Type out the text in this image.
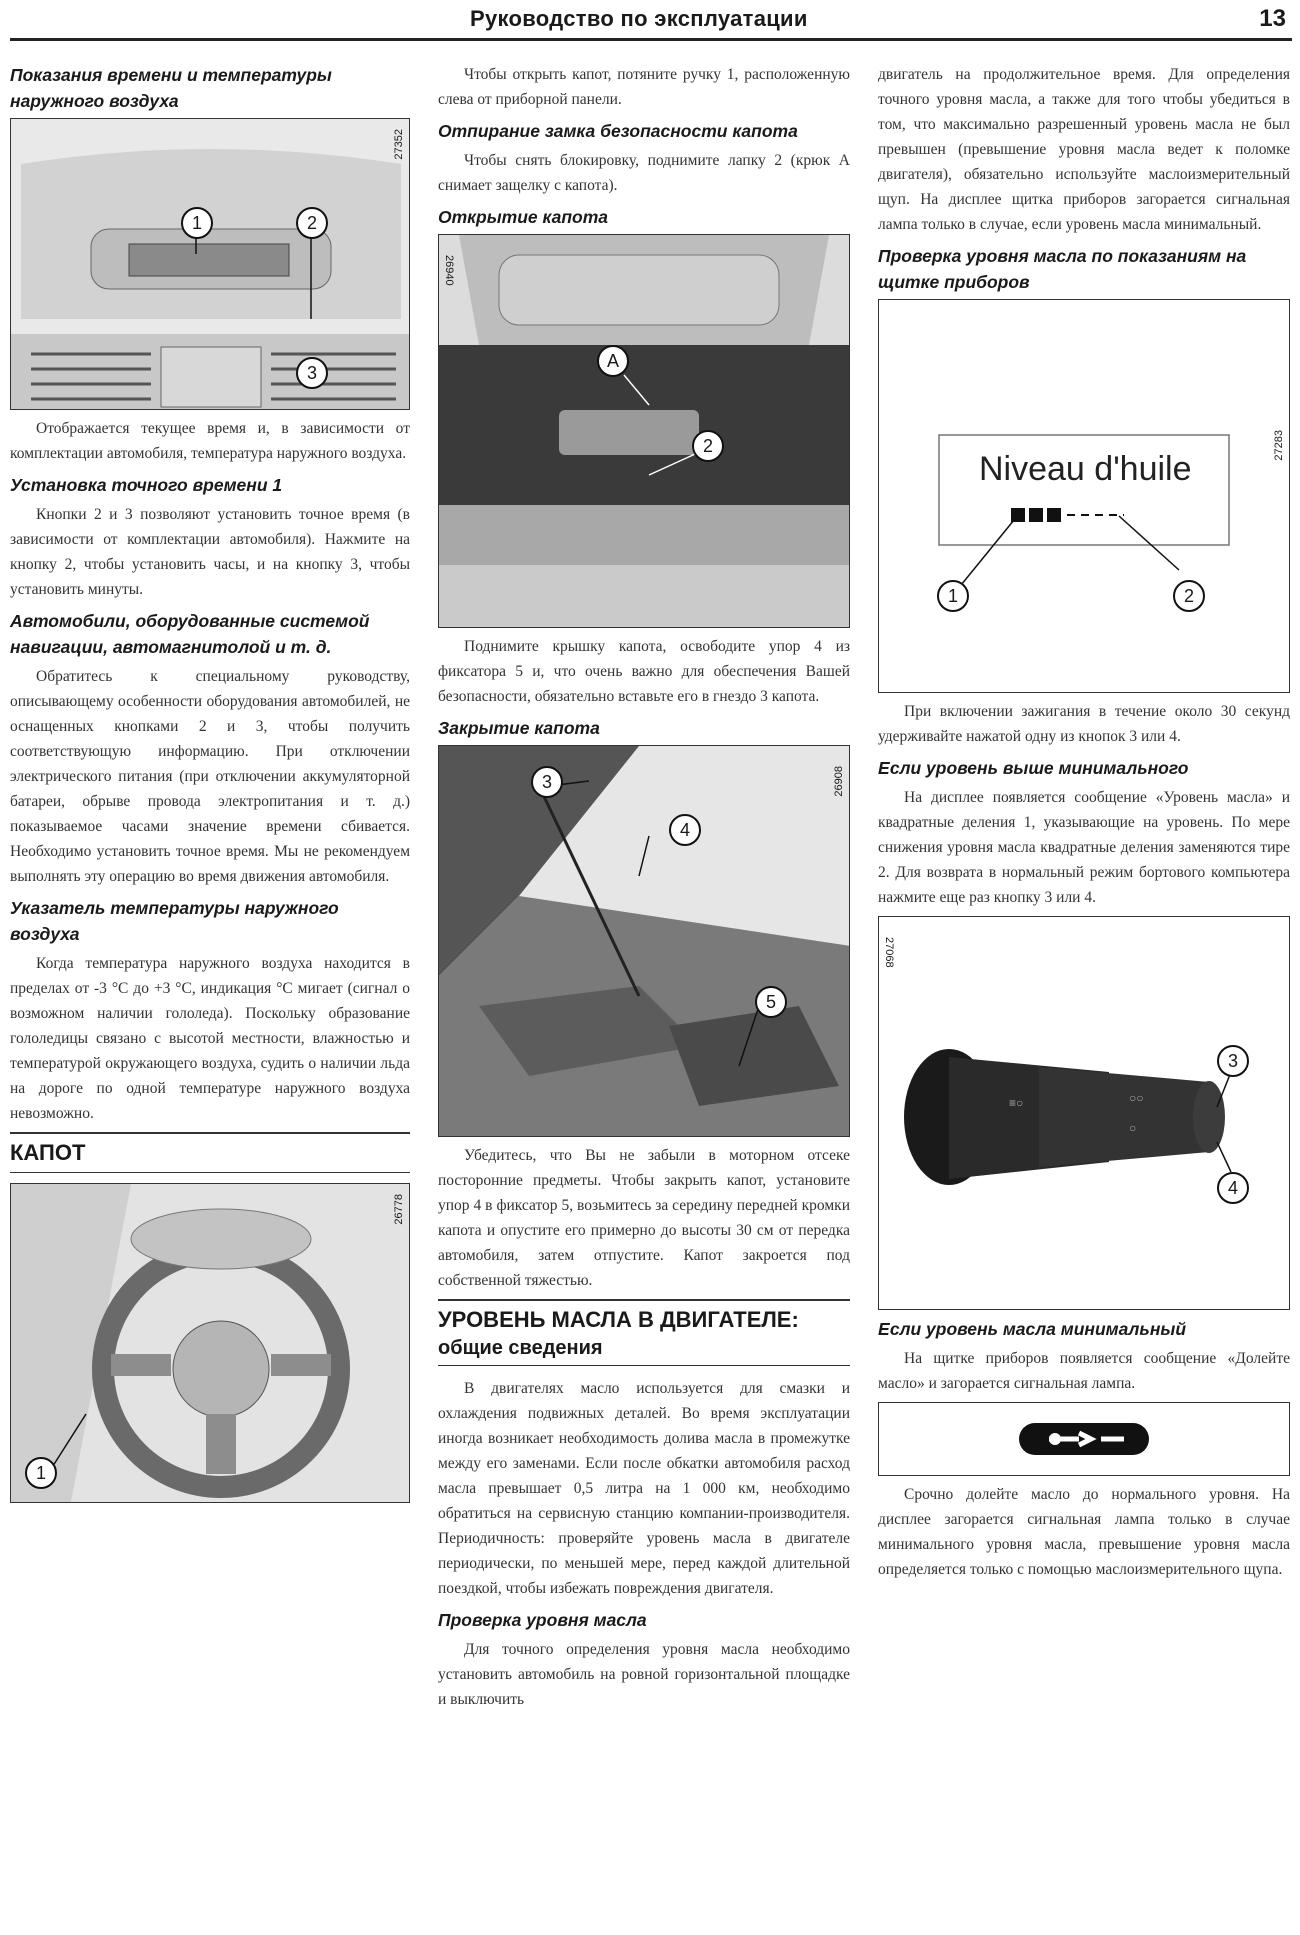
Руководство по эксплуатации	13
Показания времени и температуры наружного воздуха
27352
1	2
3

Отображается текущее время и, в зависимости от комплектации автомобиля, температура наружного воздуха.

Установка точного времени 1

Кнопки 2 и 3 позволяют установить точное время (в зависимости от комплектации автомобиля). Нажмите на кнопку 2, чтобы установить часы, и на кнопку 3, чтобы установить минуты.

Автомобили, оборудованные системой навигации, автомагнитолой и т. д.

Обратитесь к специальному руководству, описывающему особенности оборудования автомобилей, не оснащенных кнопками 2 и 3, чтобы получить соответствующую информацию. При отключении электрического питания (при отключении аккумуляторной батареи, обрыве провода электропитания и т. д.) показываемое часами значение времени сбивается. Необходимо установить точное время. Мы не рекомендуем выполнять эту операцию во время движения автомобиля.

Указатель температуры наружного воздуха

Когда температура наружного воздуха находится в пределах от -3 °C до +3 °C, индикация °C мигает (сигнал о возможном наличии гололеда). Поскольку образование гололедицы связано с высотой местности, влажностью и температурой окружающего воздуха, судить о наличии льда на дороге по одной температуре наружного воздуха невозможно.

КАПОТ
26778
1

Чтобы открыть капот, потяните ручку 1, расположенную слева от приборной панели.

Отпирание замка безопасности капота

Чтобы снять блокировку, поднимите лапку 2 (крюк А снимает защелку с капота).

Открытие капота
26940
A
2

Поднимите крышку капота, освободите упор 4 из фиксатора 5 и, что очень важно для обеспечения Вашей безопасности, обязательно вставьте его в гнездо 3 капота.

Закрытие капота
26908
3
4
5

Убедитесь, что Вы не забыли в моторном отсеке посторонние предметы. Чтобы закрыть капот, установите упор 4 в фиксатор 5, возьмитесь за середину передней кромки капота и опустите его примерно до высоты 30 см от передка автомобиля, затем отпустите. Капот закроется под собственной тяжестью.

УРОВЕНЬ МАСЛА В ДВИГАТЕЛЕ:
общие сведения

В двигателях масло используется для смазки и охлаждения подвижных деталей. Во время эксплуатации иногда возникает необходимость долива масла в промежутке между его заменами. Если после обкатки автомобиля расход масла превышает 0,5 литра на 1 000 км, необходимо обратиться на сервисную станцию компании-производителя. Периодичность: проверяйте уровень масла в двигателе периодически, по меньшей мере, перед каждой длительной поездкой, чтобы избежать повреждения двигателя.

Проверка уровня масла

Для точного определения уровня масла необходимо установить автомобиль на ровной горизонтальной площадке и выключить

двигатель на продолжительное время. Для определения точного уровня масла, а также для того чтобы убедиться в том, что максимально разрешенный уровень масла не был превышен (превышение уровня масла ведет к поломке двигателя), обязательно используйте маслоизмерительный щуп. На дисплее щитка приборов загорается сигнальная лампа только в случае, если уровень масла минимальный.

Проверка уровня масла по показаниям на щитке приборов
Niveau d'huile
27283
1	2

При включении зажигания в течение около 30 секунд удерживайте нажатой одну из кнопок 3 или 4.

Если уровень выше минимального

На дисплее появляется сообщение «Уровень масла» и квадратные деления 1, указывающие на уровень. По мере снижения уровня масла квадратные деления заменяются тире 2. Для возврата в нормальный режим бортового компьютера нажмите еще раз кнопку 3 или 4.

≡○	○○
○
27068
3
4
Если уровень масла минимальный

На щитке приборов появляется сообщение «Долейте масло» и загорается сигнальная лампа.

Срочно долейте масло до нормального уровня. На дисплее загорается сигнальная лампа только в случае минимального уровня масла, превышение уровня масла определяется только с помощью маслоизмерительного щупа.
